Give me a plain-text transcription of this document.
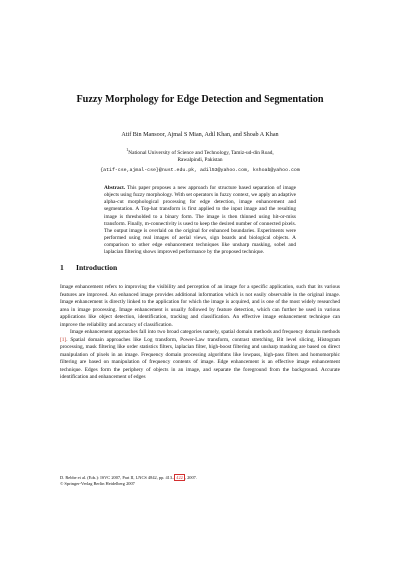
Fuzzy Morphology for Edge Detection and Segmentation
Atif Bin Mansoor, Ajmal S Mian, Adil Khan, and Shoab A Khan
$^1$National University of Science and Technology, Tamiz-ud-din Road,
Rawalpindi, Pakistan
{atif-cse,ajmal-cse}@nust.edu.pk, adil53@yahoo.com, kshoab@yahoo.com
Abstract. This paper proposes a new approach for structure based separation of image objects using fuzzy morphology. With set operators in fuzzy context, we apply an adaptive alpha-cut morphological processing for edge detection, image enhancement and segmentation. A Top-hat transform is first applied to the input image and the resulting image is thresholded to a binary form. The image is then thinned using hit-or-miss transform. Finally, m-connectivity is used to keep the desired number of connected pixels. The output image is overlaid on the original for enhanced boundaries. Experiments were performed using real images of aerial views, sign boards and biological objects. A comparison to other edge enhancement techniques like unsharp masking, sobel and laplacian filtering shows improved performance by the proposed technique.
1 Introduction

Image enhancement refers to improving the visibility and perception of an image for a specific application, such that its various features are improved. An enhanced image provides additional information which is not easily observable in the original image. Image enhancement is directly linked to the application for which the image is acquired, and is one of the most widely researched area in image processing. Image enhancement is usually followed by feature detection, which can further be used in various applications like object detection, identification, tracking and classification. An effective image enhancement technique can improve the reliability and accuracy of classification.

Image enhancement approaches fall into two broad categories namely, spatial domain methods and frequency domain methods [1]. Spatial domain approaches like Log transform, Power-Law transform, contrast stretching, Bit level slicing, Histogram processing, mask filtering like order statistics filters, laplacian filter, high-boost filtering and unsharp masking are based on direct manipulation of pixels in an image. Frequency domain processing algorithms like lowpass, high-pass filters and homomorphic filtering are based on manipulation of frequency contents of image. Edge enhancement is an effective image enhancement technique. Edges form the periphery of objects in an image, and separate the foreground from the background. Accurate identification and enhancement of edges

D. Rebbe et al. (Eds.): ISVC 2007, Part II, LNCS 4842, pp. 413– 422 , 2007.
© Springer-Verlag Berlin Heidelberg 2007
